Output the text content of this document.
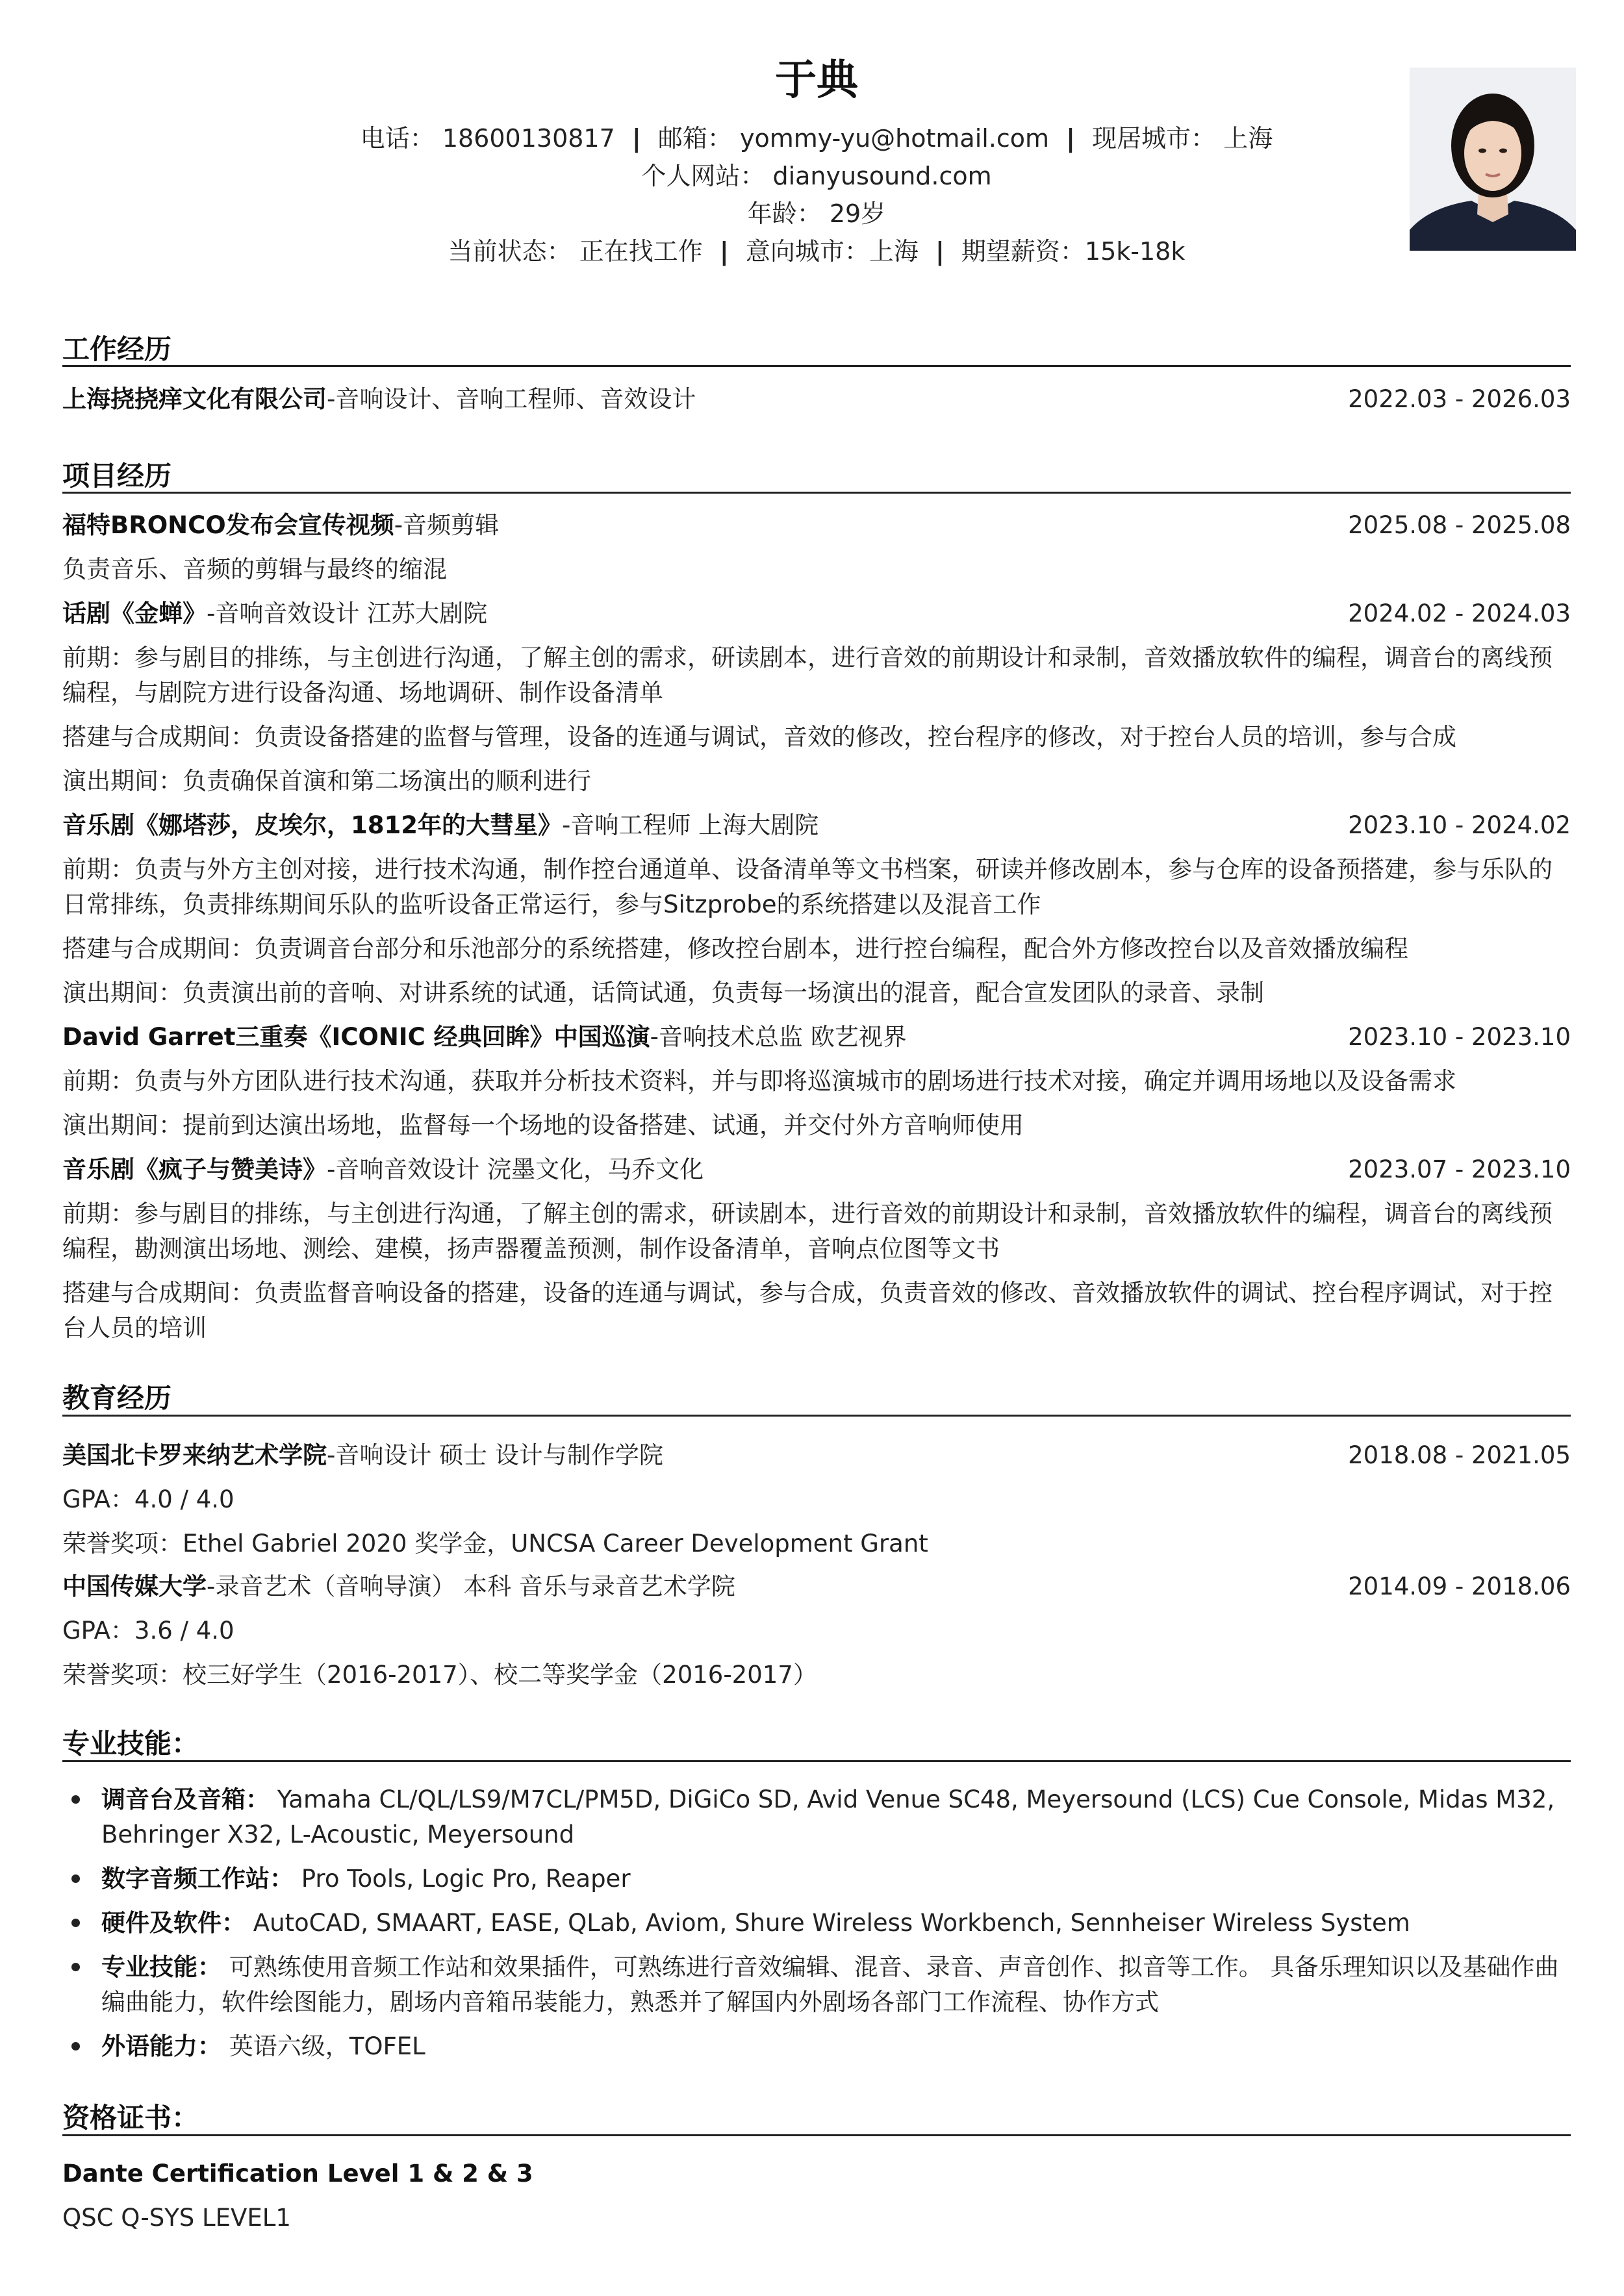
于典
电话： 18600130817 | 邮箱： yommy-yu@hotmail.com | 现居城市： 上海
个人网站： dianyusound.com
年龄： 29岁
当前状态： 正在找工作 | 意向城市：上海 | 期望薪资：15k-18k
工作经历
上海挠挠痒文化有限公司-音响设计、音响工程师、音效设计	2022.03 - 2026.03
项目经历
福特BRONCO发布会宣传视频-音频剪辑	2025.08 - 2025.08
负责音乐、音频的剪辑与最终的缩混
话剧《金蝉》-音响音效设计 江苏大剧院	2024.02 - 2024.03
前期：参与剧目的排练，与主创进行沟通，了解主创的需求，研读剧本，进行音效的前期设计和录制，音效播放软件的编程，调音台的离线预编程，与剧院方进行设备沟通、场地调研、制作设备清单
搭建与合成期间：负责设备搭建的监督与管理，设备的连通与调试，音效的修改，控台程序的修改，对于控台人员的培训，参与合成
演出期间：负责确保首演和第二场演出的顺利进行
音乐剧《娜塔莎，皮埃尔，1812年的大彗星》-音响工程师 上海大剧院	2023.10 - 2024.02
前期：负责与外方主创对接，进行技术沟通，制作控台通道单、设备清单等文书档案，研读并修改剧本，参与仓库的设备预搭建，参与乐队的日常排练，负责排练期间乐队的监听设备正常运行，参与Sitzprobe的系统搭建以及混音工作
搭建与合成期间：负责调音台部分和乐池部分的系统搭建，修改控台剧本，进行控台编程，配合外方修改控台以及音效播放编程
演出期间：负责演出前的音响、对讲系统的试通，话筒试通，负责每一场演出的混音，配合宣发团队的录音、录制
David Garret三重奏《ICONIC 经典回眸》中国巡演-音响技术总监 欧艺视界	2023.10 - 2023.10
前期：负责与外方团队进行技术沟通，获取并分析技术资料，并与即将巡演城市的剧场进行技术对接，确定并调用场地以及设备需求
演出期间：提前到达演出场地，监督每一个场地的设备搭建、试通，并交付外方音响师使用
音乐剧《疯子与赞美诗》-音响音效设计 浣墨文化，马乔文化	2023.07 - 2023.10
前期：参与剧目的排练，与主创进行沟通，了解主创的需求，研读剧本，进行音效的前期设计和录制，音效播放软件的编程，调音台的离线预编程，勘测演出场地、测绘、建模，扬声器覆盖预测，制作设备清单，音响点位图等文书
搭建与合成期间：负责监督音响设备的搭建，设备的连通与调试，参与合成，负责音效的修改、音效播放软件的调试、控台程序调试，对于控台人员的培训
教育经历
美国北卡罗来纳艺术学院-音响设计 硕士 设计与制作学院	2018.08 - 2021.05
GPA：4.0 / 4.0
荣誉奖项：Ethel Gabriel 2020 奖学金，UNCSA Career Development Grant
中国传媒大学-录音艺术（音响导演） 本科 音乐与录音艺术学院	2014.09 - 2018.06
GPA：3.6 / 4.0
荣誉奖项：校三好学生（2016-2017）、校二等奖学金（2016-2017）
专业技能：
调音台及音箱： Yamaha CL/QL/LS9/M7CL/PM5D, DiGiCo SD, Avid Venue SC48, Meyersound (LCS) Cue Console, Midas M32, Behringer X32, L-Acoustic, Meyersound
数字音频工作站： Pro Tools, Logic Pro, Reaper
硬件及软件： AutoCAD, SMAART, EASE, QLab, Aviom, Shure Wireless Workbench, Sennheiser Wireless System
专业技能： 可熟练使用音频工作站和效果插件，可熟练进行音效编辑、混音、录音、声音创作、拟音等工作。 具备乐理知识以及基础作曲编曲能力，软件绘图能力，剧场内音箱吊装能力，熟悉并了解国内外剧场各部门工作流程、协作方式
外语能力： 英语六级，TOFEL
资格证书：
Dante Certification Level 1 & 2 & 3
QSC Q-SYS LEVEL1
